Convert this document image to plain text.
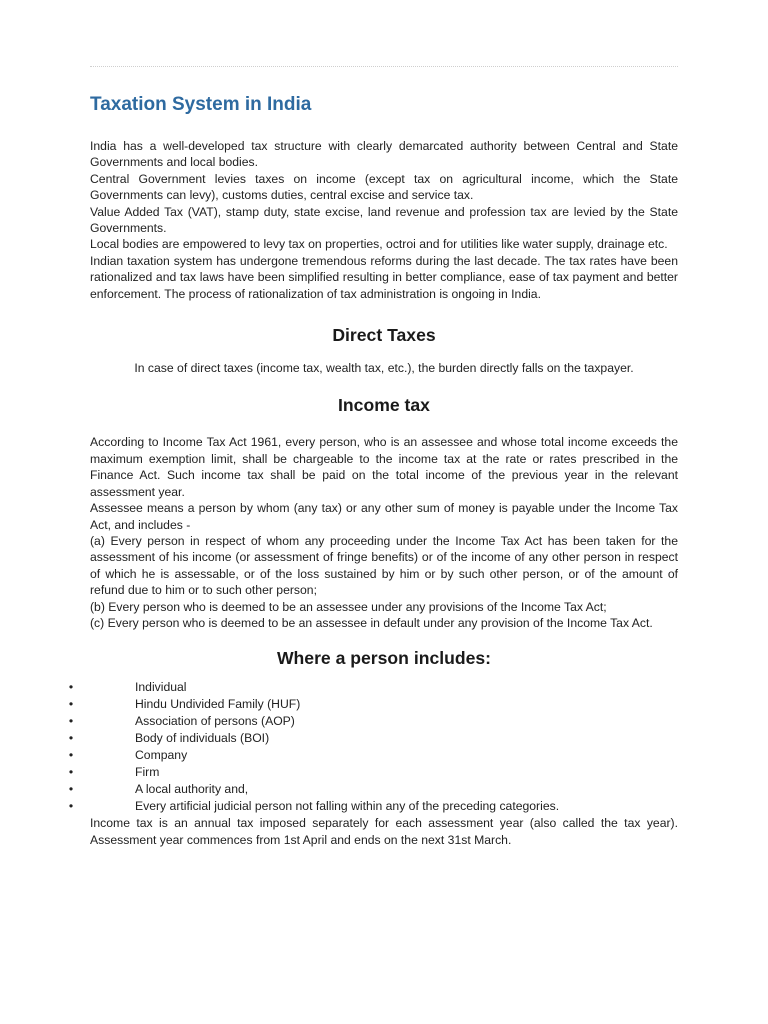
Taxation System in India

India has a well-developed tax structure with clearly demarcated authority between Central and State Governments and local bodies.

Central Government levies taxes on income (except tax on agricultural income, which the State Governments can levy), customs duties, central excise and service tax.

Value Added Tax (VAT), stamp duty, state excise, land revenue and profession tax are levied by the State Governments.

Local bodies are empowered to levy tax on properties, octroi and for utilities like water supply, drainage etc.

Indian taxation system has undergone tremendous reforms during the last decade. The tax rates have been rationalized and tax laws have been simplified resulting in better compliance, ease of tax payment and better enforcement. The process of rationalization of tax administration is ongoing in India.

Direct Taxes

In case of direct taxes (income tax, wealth tax, etc.), the burden directly falls on the taxpayer.

Income tax

According to Income Tax Act 1961, every person, who is an assessee and whose total income exceeds the maximum exemption limit, shall be chargeable to the income tax at the rate or rates prescribed in the Finance Act. Such income tax shall be paid on the total income of the previous year in the relevant assessment year.

Assessee means a person by whom (any tax) or any other sum of money is payable under the Income Tax Act, and includes -

(a) Every person in respect of whom any proceeding under the Income Tax Act has been taken for the assessment of his income (or assessment of fringe benefits) or of the income of any other person in respect of which he is assessable, or of the loss sustained by him or by such other person, or of the amount of refund due to him or to such other person;

(b) Every person who is deemed to be an assessee under any provisions of the Income Tax Act;

(c) Every person who is deemed to be an assessee in default under any provision of the Income Tax Act.

Where a person includes:
•	Individual
•	Hindu Undivided Family (HUF)
•	Association of persons (AOP)
•	Body of individuals (BOI)
•	Company
•	Firm
•	A local authority and,
•	Every artificial judicial person not falling within any of the preceding categories.

Income tax is an annual tax imposed separately for each assessment year (also called the tax year). Assessment year commences from 1st April and ends on the next 31st March.
